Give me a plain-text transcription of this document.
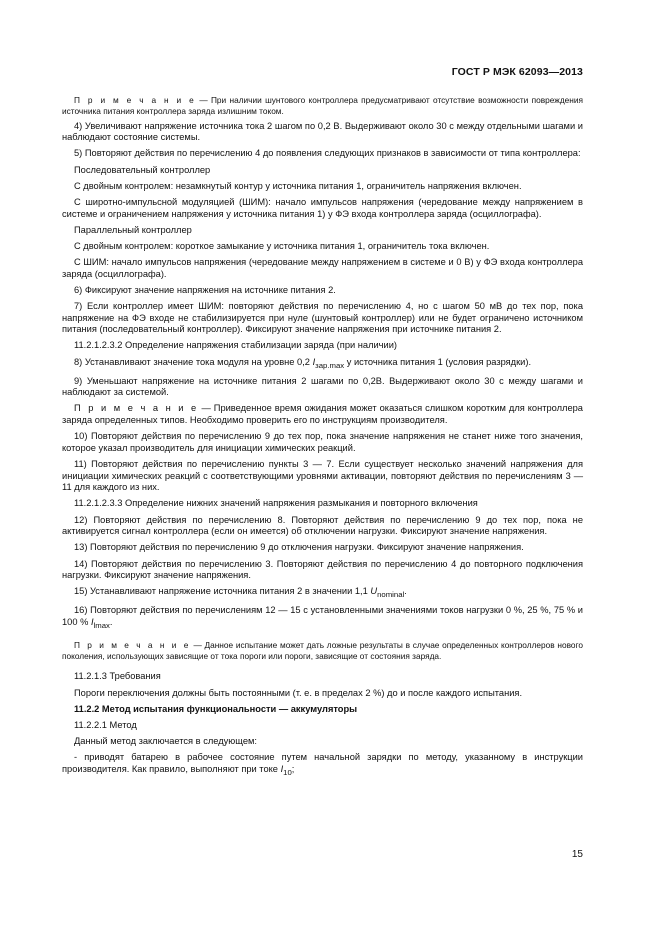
ГОСТ Р МЭК 62093—2013

П р и м е ч а н и е — При наличии шунтового контроллера предусматривают отсутствие возможности повреждения источника питания контроллера заряда излишним током.

4) Увеличивают напряжение источника тока 2 шагом по 0,2 В. Выдерживают около 30 с между отдельными шагами и наблюдают состояние системы.

5) Повторяют действия по перечислению 4 до появления следующих признаков в зависимости от типа контроллера:

Последовательный контроллер

С двойным контролем: незамкнутый контур у источника питания 1, ограничитель напряжения включен.

С широтно-импульсной модуляцией (ШИМ): начало импульсов напряжения (чередование между напряжением в системе и ограничением напряжения у источника питания 1) у ФЭ входа контроллера заряда (осциллографа).

Параллельный контроллер

С двойным контролем: короткое замыкание у источника питания 1, ограничитель тока включен.

С ШИМ: начало импульсов напряжения (чередование между напряжением в системе и 0 В) у ФЭ входа контроллера заряда (осциллографа).

6) Фиксируют значение напряжения на источнике питания 2.

7) Если контроллер имеет ШИМ: повторяют действия по перечислению 4, но с шагом 50 мВ до тех пор, пока напряжение на ФЭ входе не стабилизируется при нуле (шунтовый контроллер) или не будет ограничено источником питания (последовательный контроллер). Фиксируют значение напряжения при источнике питания 2.

11.2.1.2.3.2 Определение напряжения стабилизации заряда (при наличии)

8) Устанавливают значение тока модуля на уровне 0,2 $I_{зар.max}$ у источника питания 1 (условия разрядки).

9) Уменьшают напряжение на источнике питания 2 шагами по 0,2В. Выдерживают около 30 с между шагами и наблюдают за системой.

П р и м е ч а н и е — Приведенное время ожидания может оказаться слишком коротким для контроллера заряда определенных типов. Необходимо проверить его по инструкциям производителя.

10) Повторяют действия по перечислению 9 до тех пор, пока значение напряжения не станет ниже того значения, которое указал производитель для инициации химических реакций.

11) Повторяют действия по перечислению пункты 3 — 7. Если существует несколько значений напряжения для инициации химических реакций с соответствующими уровнями активации, повторяют действия по перечислениям 3 — 11 для каждого из них.

11.2.1.2.3.3 Определение нижних значений напряжения размыкания и повторного включения

12) Повторяют действия по перечислению 8. Повторяют действия по перечислению 9 до тех пор, пока не активируется сигнал контроллера (если он имеется) об отключении нагрузки. Фиксируют значение напряжения.

13) Повторяют действия по перечислению 9 до отключения нагрузки. Фиксируют значение напряжения.

14) Повторяют действия по перечислению 3. Повторяют действия по перечислению 4 до повторного подключения нагрузки. Фиксируют значение напряжения.

15) Устанавливают напряжение источника питания 2 в значении 1,1 $U_{nominal}$.

16) Повторяют действия по перечислениям 12 — 15 с установленными значениями токов нагрузки 0 %, 25 %, 75 % и 100 % $I_{lmax}$.

П р и м е ч а н и е — Данное испытание может дать ложные результаты в случае определенных контроллеров нового поколения, использующих зависящие от тока пороги или пороги, зависящие от состояния заряда.

11.2.1.3 Требования

Пороги переключения должны быть постоянными (т. е. в пределах 2 %) до и после каждого испытания.

11.2.2 Метод испытания функциональности — аккумуляторы

11.2.2.1 Метод

Данный метод заключается в следующем:

- приводят батарею в рабочее состояние путем начальной зарядки по методу, указанному в инструкции производителя. Как правило, выполняют при токе $I_{10}$;

15
